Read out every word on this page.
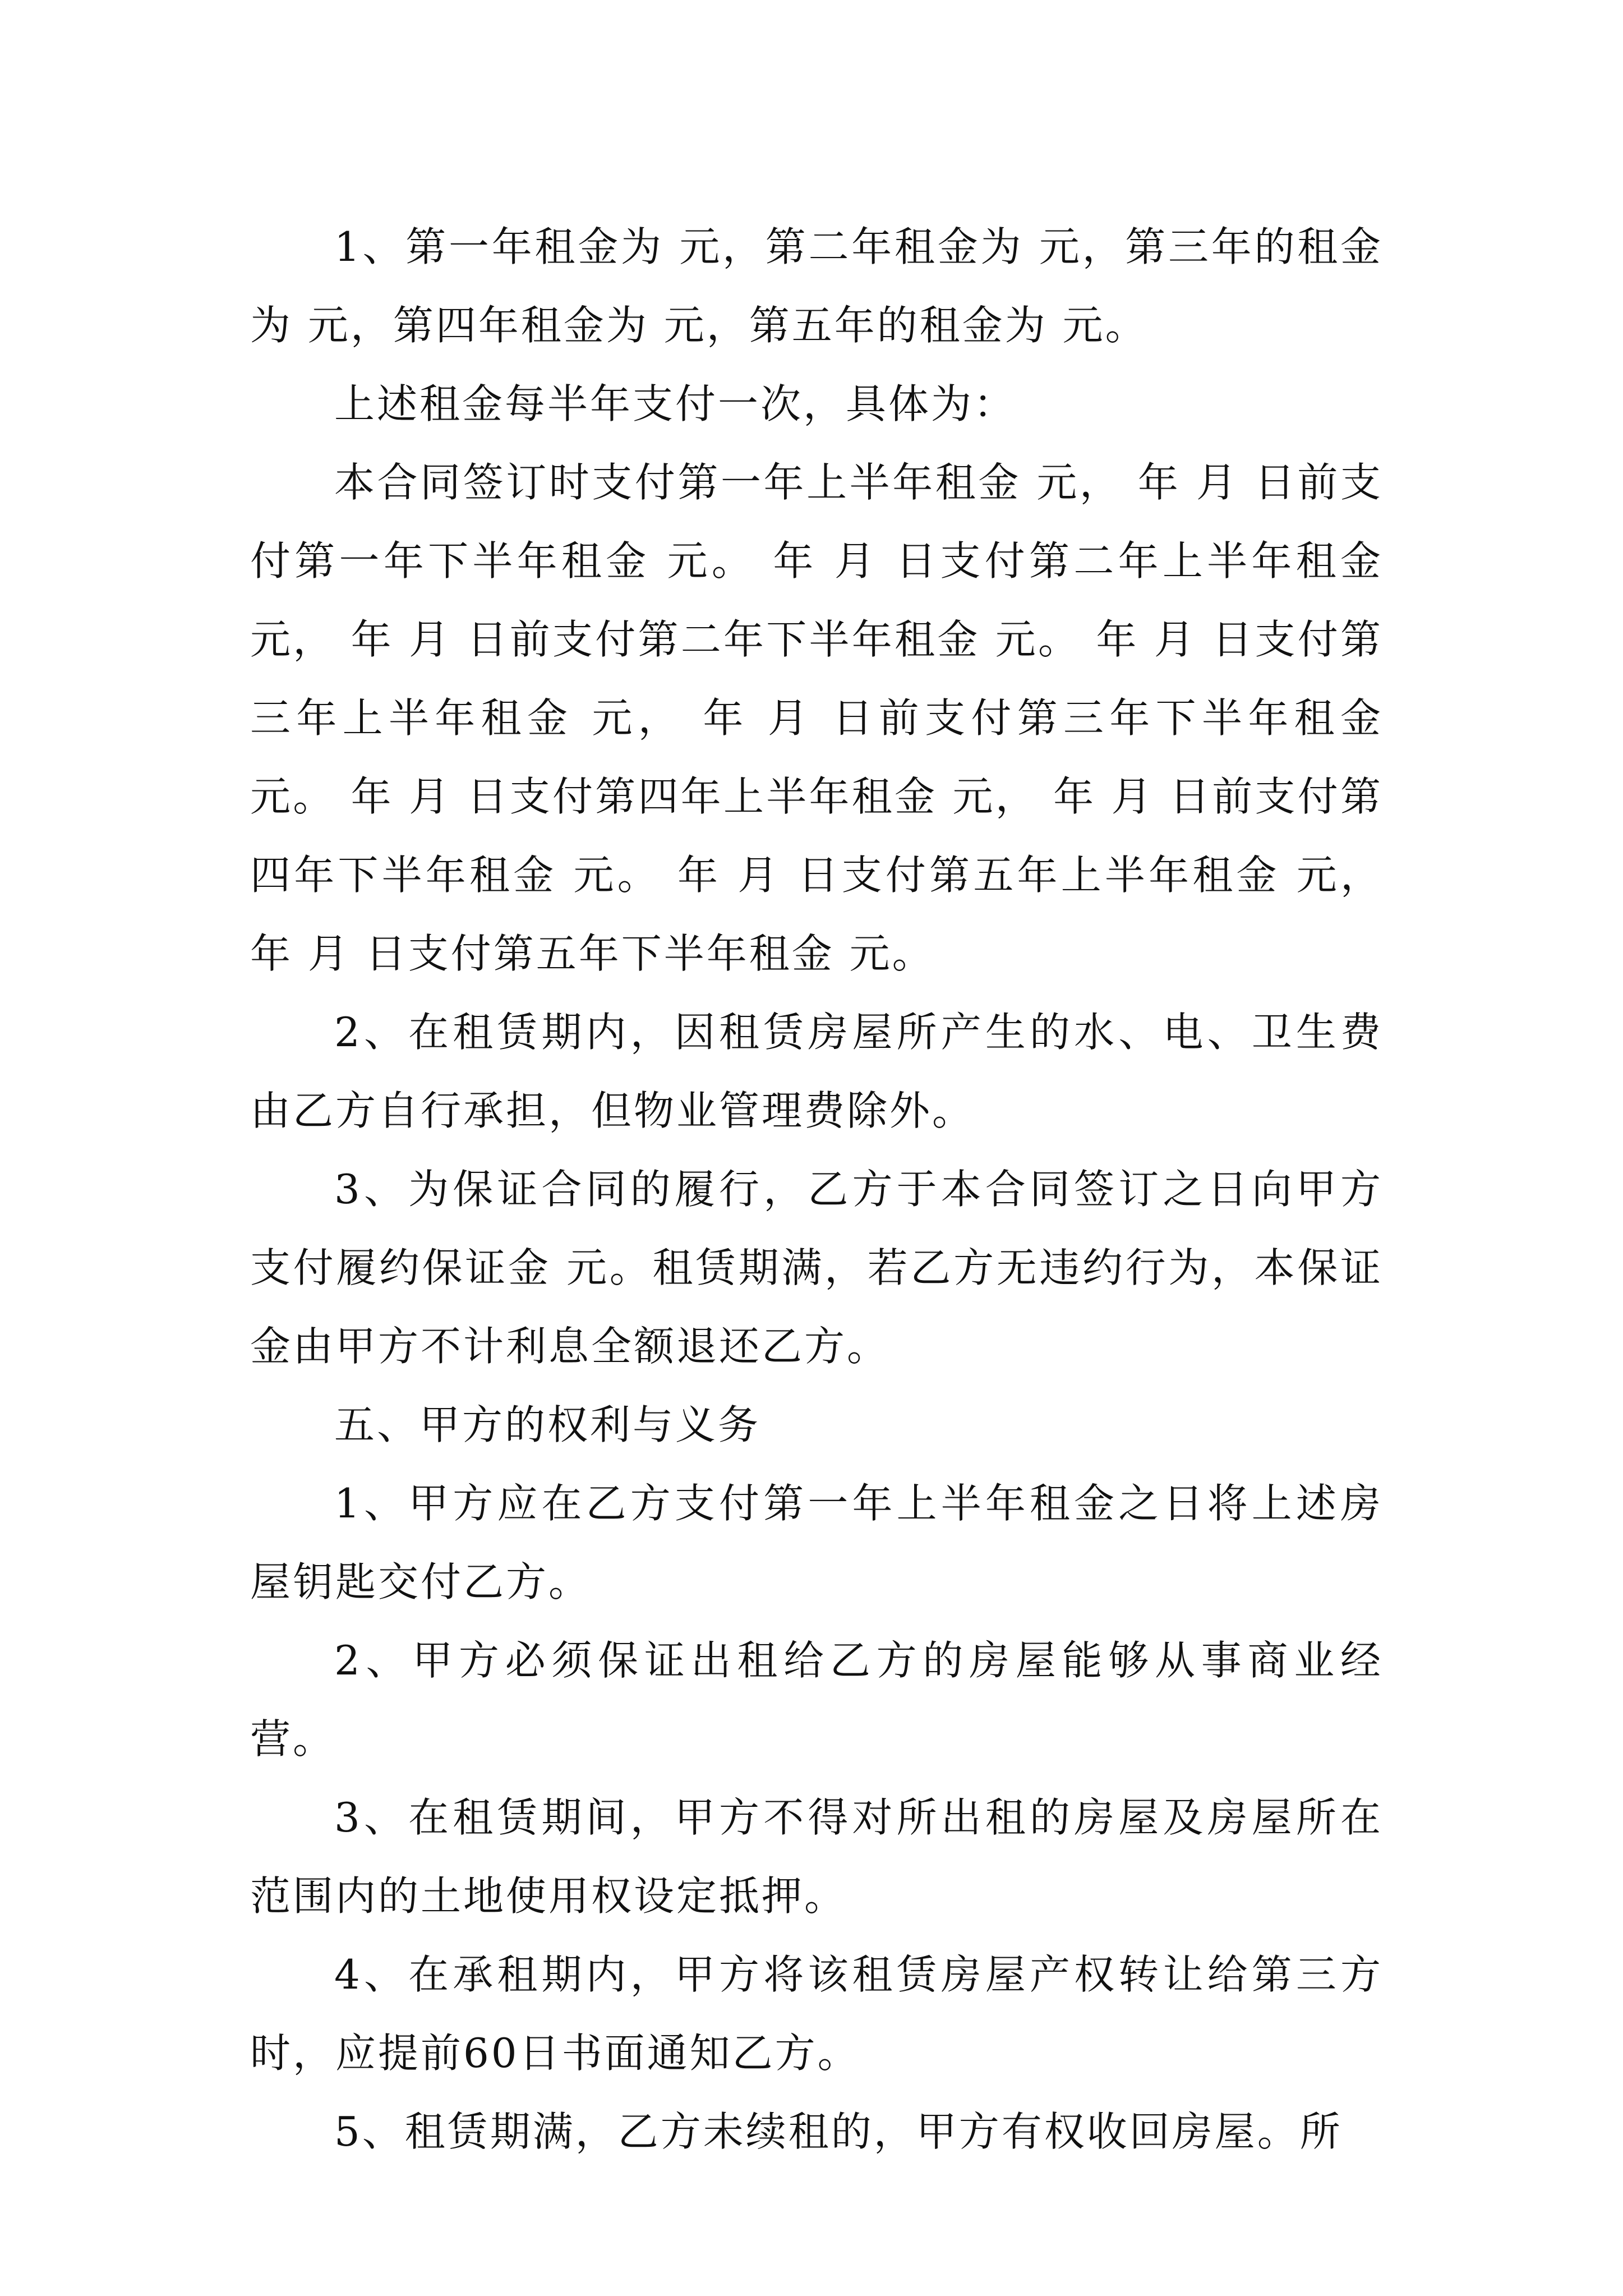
1、第一年租金为 元，第二年租金为 元，第三年的租金为 元，第四年租金为 元，第五年的租金为 元。

上述租金每半年支付一次，具体为：

本合同签订时支付第一年上半年租金 元， 年 月 日前支付第一年下半年租金 元。 年 月 日支付第二年上半年租金 元， 年 月 日前支付第二年下半年租金 元。 年 月 日支付第三年上半年租金 元， 年 月 日前支付第三年下半年租金 元。 年 月 日支付第四年上半年租金 元， 年 月 日前支付第四年下半年租金 元。 年 月 日支付第五年上半年租金 元， 年 月 日支付第五年下半年租金 元。

2、在租赁期内，因租赁房屋所产生的水、电、卫生费由乙方自行承担，但物业管理费除外。

3、为保证合同的履行，乙方于本合同签订之日向甲方支付履约保证金 元。租赁期满，若乙方无违约行为，本保证金由甲方不计利息全额退还乙方。

五、甲方的权利与义务

1、甲方应在乙方支付第一年上半年租金之日将上述房屋钥匙交付乙方。

2、甲方必须保证出租给乙方的房屋能够从事商业经营。

3、在租赁期间，甲方不得对所出租的房屋及房屋所在范围内的土地使用权设定抵押。

4、在承租期内，甲方将该租赁房屋产权转让给第三方时，应提前60日书面通知乙方。

5、租赁期满，乙方未续租的，甲方有权收回房屋。所
